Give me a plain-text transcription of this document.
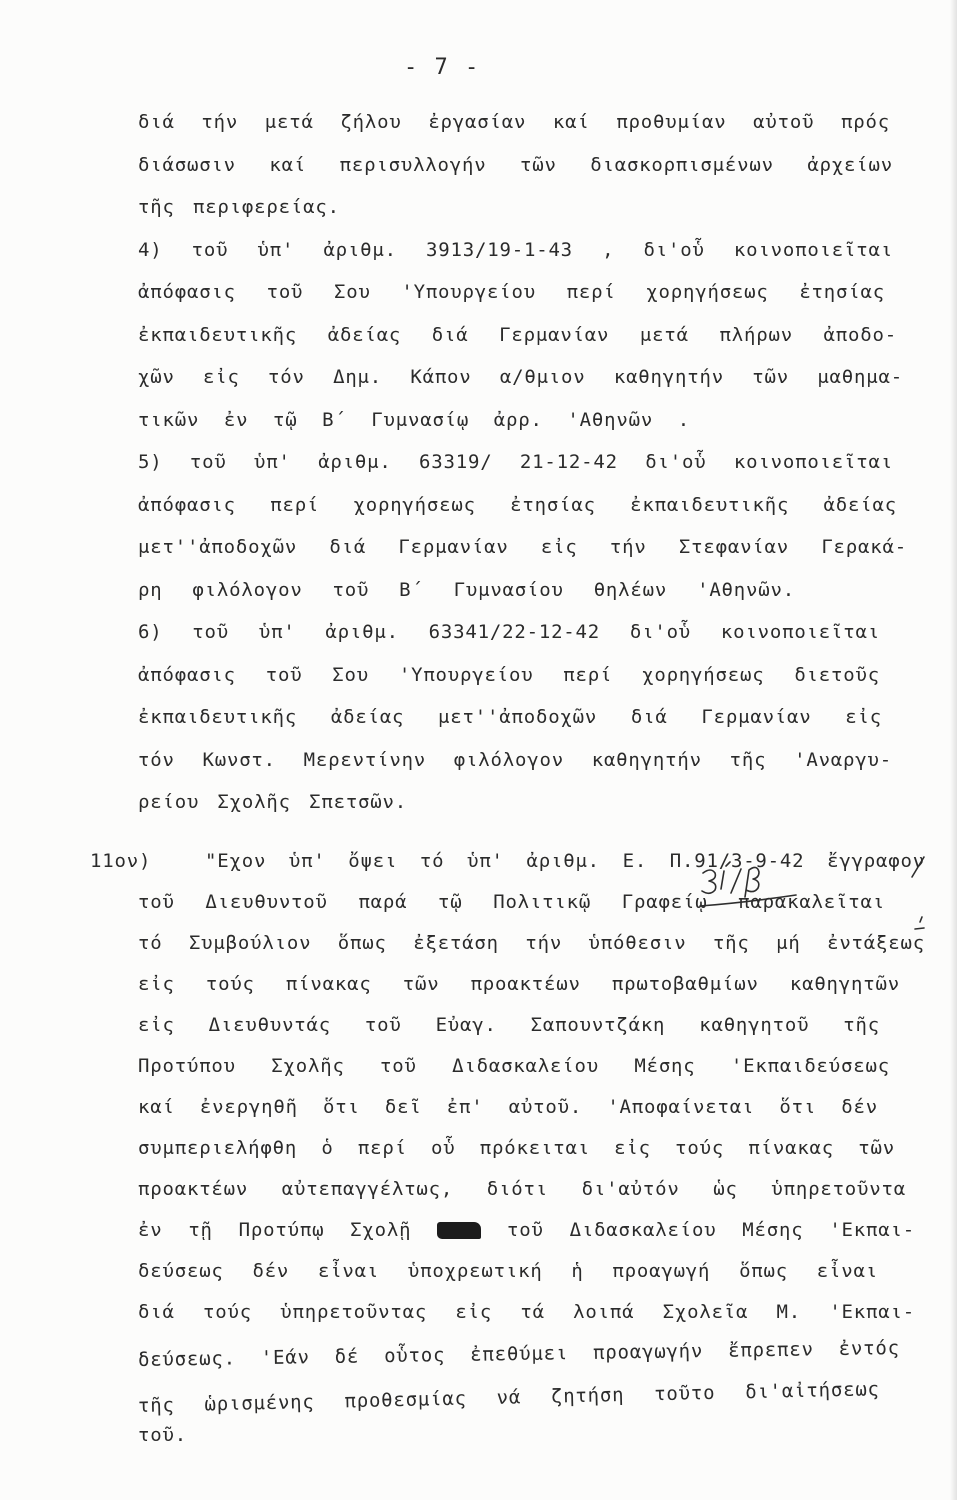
- 7 -
διά τήν μετά ζήλου ἐργασίαν καί προθυμίαν αὐτοῦ πρός
διάσωσιν καί περισυλλογήν τῶν διασκορπισμένων ἀρχείων
τῆς περιφερείας.
4) τοῦ ὑπ' ἀριθμ. 3913/19-1-43 , δι'οὗ κοινοποιεῖται
ἀπόφασις τοῦ Σου 'Υπουργείου περί χορηγήσεως ἐτησίας
ἐκπαιδευτικῆς ἀδείας διά Γερμανίαν μετά πλήρων ἀποδο-
χῶν εἰς τόν Δημ. Κάπον α/θμιον καθηγητήν τῶν μαθημα-
τικῶν ἐν τῷ Β΄ Γυμνασίῳ ἀρρ. 'Αθηνῶν .
5) τοῦ ὑπ' ἀριθμ. 63319/ 21-12-42 δι'οὗ κοινοποιεῖται
ἀπόφασις περί χορηγήσεως ἐτησίας ἐκπαιδευτικῆς ἀδείας
μετ''ἀποδοχῶν διά Γερμανίαν εἰς τήν Στεφανίαν Γερακά-
ρη φιλόλογον τοῦ Β΄ Γυμνασίου θηλέων 'Αθηνῶν.
6) τοῦ ὑπ' ἀριθμ. 63341/22-12-42 δι'οὗ κοινοποιεῖται
ἀπόφασις τοῦ Σου 'Υπουργείου περί χορηγήσεως διετοῦς
ἐκπαιδευτικῆς ἀδείας μετ''ἀποδοχῶν διά Γερμανίαν εἰς
τόν Κωνστ. Μερεντίνην φιλόλογον καθηγητήν τῆς 'Αναργυ-
ρείου Σχολῆς Σπετσῶν.
11ον)	"Εχον ὑπ' ὄψει τό ὑπ' ἀριθμ. Ε. Π.91/3-9-42 ἔγγραφον
τοῦ Διευθυντοῦ παρά τῷ Πολιτικῷ Γραφείῳ παρακαλεῖται
τό Συμβούλιον ὅπως ἐξετάση τήν ὑπόθεσιν τῆς μή ἐντάξεως
εἰς τούς πίνακας τῶν προακτέων πρωτοβαθμίων καθηγητῶν
εἰς Διευθυντάς τοῦ Εὐαγ. Σαπουντζάκη καθηγητοῦ τῆς
Προτύπου Σχολῆς τοῦ Διδασκαλείου Μέσης 'Εκπαιδεύσεως
καί ἐνεργηθῆ ὅτι δεῖ ἐπ' αὐτοῦ. 'Αποφαίνεται ὅτι δέν
συμπεριελήφθη ὁ περί οὗ πρόκειται εἰς τούς πίνακας τῶν
προακτέων αὐτεπαγγέλτως, διότι δι'αὐτόν ὡς ὑπηρετοῦντα
ἐν τῇ Προτύπῳ Σχολῇ	τοῦ Διδασκαλείου Μέσης 'Εκπαι-
δεύσεως δέν εἶναι ὑποχρεωτική ἡ προαγωγή ὅπως εἶναι
διά τούς ὑπηρετοῦντας εἰς τά λοιπά Σχολεῖα Μ. 'Εκπαι-
δεύσεως. 'Εάν δέ οὗτος ἐπεθύμει προαγωγήν ἔπρεπεν ἐντός
τῆς ὡρισμένης προθεσμίας νά ζητήση τοῦτο δι'αἰτήσεως
τοῦ.
